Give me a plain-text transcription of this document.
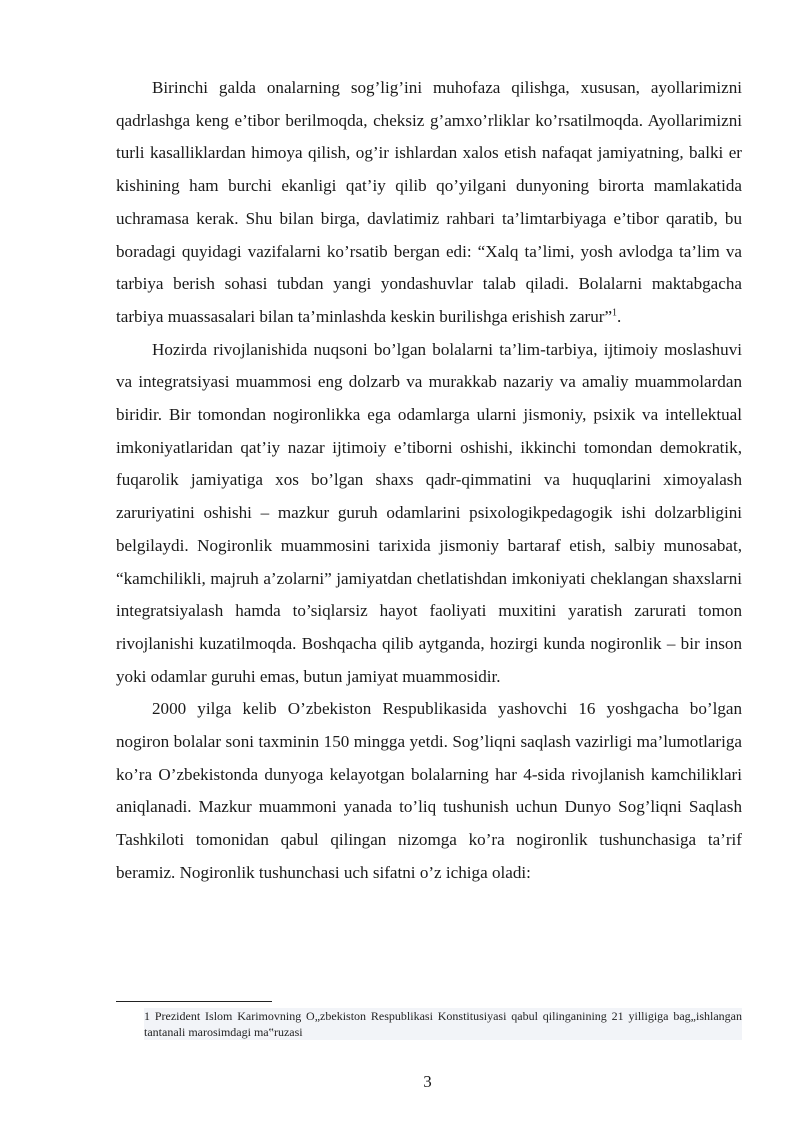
Birinchi galda onalarning sog’lig’ini muhofaza qilishga, xususan, ayollarimizni qadrlashga keng e’tibor berilmoqda, cheksiz g’amxo’rliklar ko’rsatilmoqda. Ayollarimizni turli kasalliklardan himoya qilish, og’ir ishlardan xalos etish nafaqat jamiyatning, balki er kishining ham burchi ekanligi qat’iy qilib qo’yilgani dunyoning birorta mamlakatida uchramasa kerak. Shu bilan birga, davlatimiz rahbari ta’limtarbiyaga e’tibor qaratib, bu boradagi quyidagi vazifalarni ko’rsatib bergan edi: “Xalq ta’limi, yosh avlodga ta’lim va tarbiya berish sohasi tubdan yangi yondashuvlar talab qiladi. Bolalarni maktabgacha tarbiya muassasalari bilan ta’minlashda keskin burilishga erishish zarur”$^1$.

Hozirda rivojlanishida nuqsoni bo’lgan bolalarni ta’lim-tarbiya, ijtimoiy moslashuvi va integratsiyasi muammosi eng dolzarb va murakkab nazariy va amaliy muammolardan biridir. Bir tomondan nogironlikka ega odamlarga ularni jismoniy, psixik va intellektual imkoniyatlaridan qat’iy nazar ijtimoiy e’tiborni oshishi, ikkinchi tomondan demokratik, fuqarolik jamiyatiga xos bo’lgan shaxs qadr-qimmatini va huquqlarini ximoyalash zaruriyatini oshishi – mazkur guruh odamlarini psixologikpedagogik ishi dolzarbligini belgilaydi. Nogironlik muammosini tarixida jismoniy bartaraf etish, salbiy munosabat, “kamchilikli, majruh a’zolarni” jamiyatdan chetlatishdan imkoniyati cheklangan shaxslarni integratsiyalash hamda to’siqlarsiz hayot faoliyati muxitini yaratish zarurati tomon rivojlanishi kuzatilmoqda. Boshqacha qilib aytganda, hozirgi kunda nogironlik – bir inson yoki odamlar guruhi emas, butun jamiyat muammosidir.

2000 yilga kelib O’zbekiston Respublikasida yashovchi 16 yoshgacha bo’lgan nogiron bolalar soni taxminin 150 mingga yetdi. Sog’liqni saqlash vazirligi ma’lumotlariga ko’ra O’zbekistonda dunyoga kelayotgan bolalarning har 4-sida rivojlanish kamchiliklari aniqlanadi. Mazkur muammoni yanada to’liq tushunish uchun Dunyo Sog’liqni Saqlash Tashkiloti tomonidan qabul qilingan nizomga ko’ra nogironlik tushunchasiga ta’rif beramiz. Nogironlik tushunchasi uch sifatni o’z ichiga oladi:

1 Prezident Islom Karimovning O„zbekiston Respublikasi Konstitusiyasi qabul qilinganining 21 yilligiga bag„ishlangan tantanali marosimdagi ma‟ruzasi

3
